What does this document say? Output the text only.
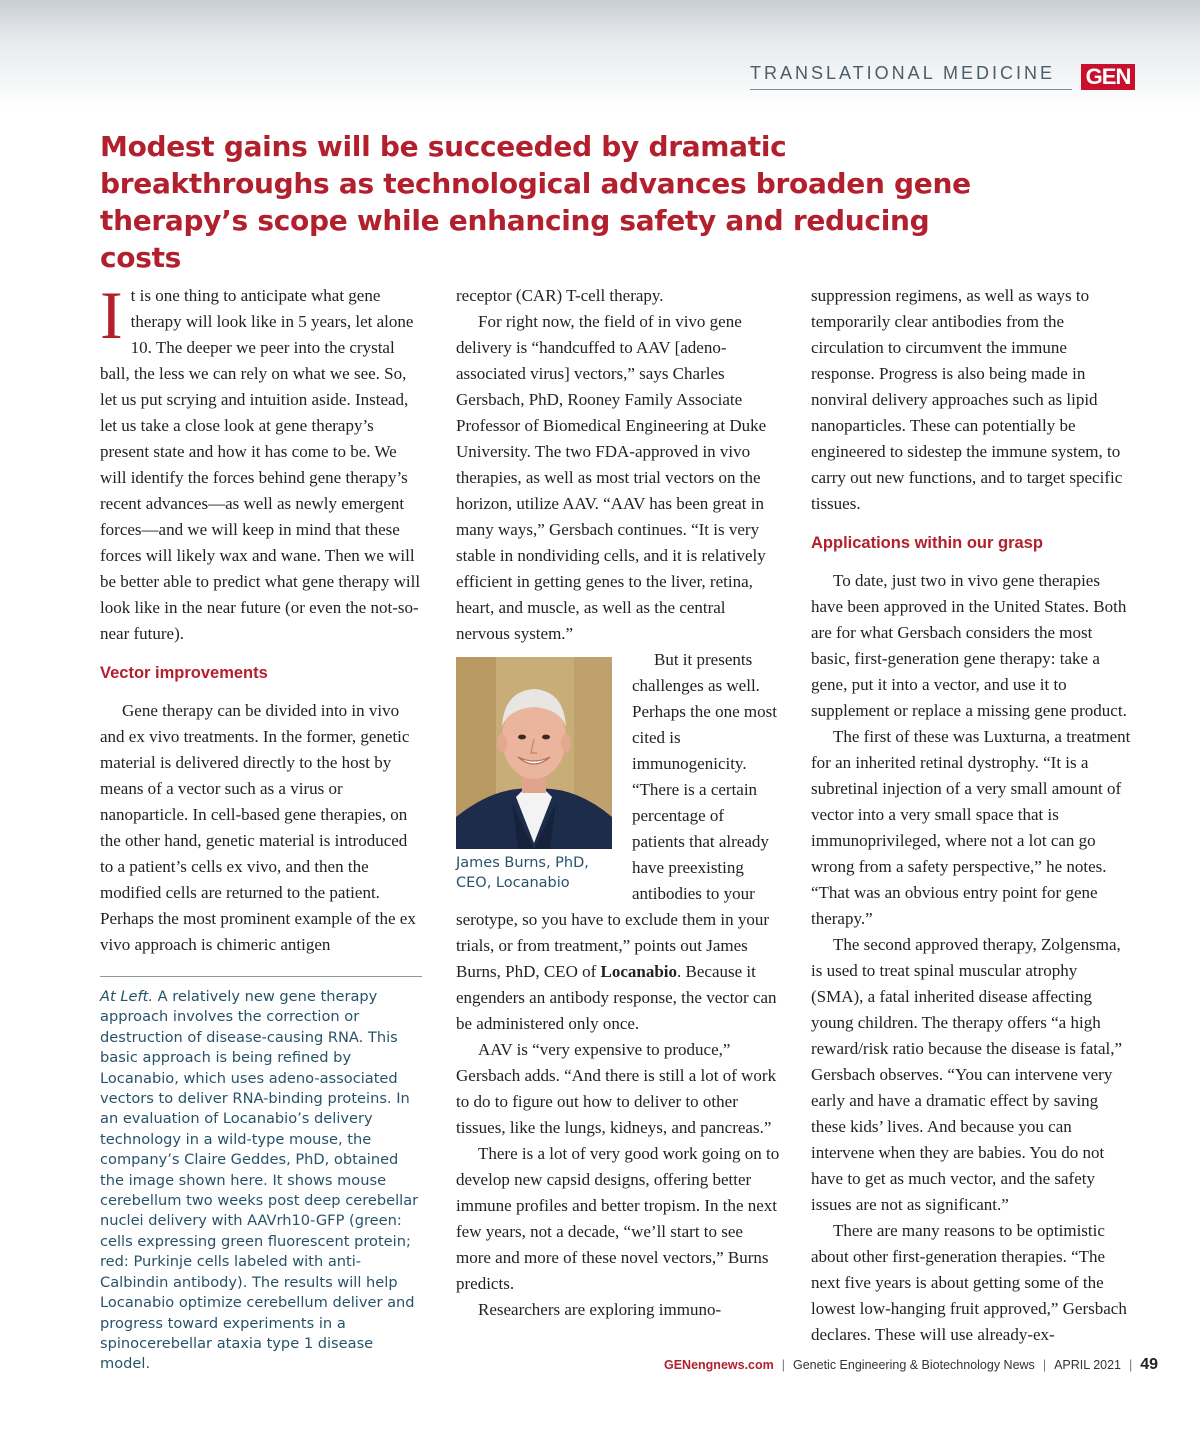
TRANSLATIONAL MEDICINE	GEN
Modest gains will be succeeded by dramatic breakthroughs as technological advances broaden gene therapy’s scope while enhancing safety and reducing costs

It is one thing to anticipate what gene therapy will look like in 5 years, let alone 10. The deeper we peer into the crystal ball, the less we can rely on what we see. So, let us put scrying and intuition aside. Instead, let us take a close look at gene therapy’s present state and how it has come to be. We will identify the forces behind gene therapy’s recent advances—as well as newly emergent forces—and we will keep in mind that these forces will likely wax and wane. Then we will be better able to predict what gene therapy will look like in the near future (or even the not-so-near future).

Vector improvements

Gene therapy can be divided into in vivo and ex vivo treatments. In the former, genetic material is delivered directly to the host by means of a vector such as a virus or nanoparticle. In cell-based gene therapies, on the other hand, genetic material is introduced to a patient’s cells ex vivo, and then the modified cells are returned to the patient. Perhaps the most prominent example of the ex vivo approach is chimeric antigen

At Left. A relatively new gene therapy approach involves the correction or destruction of disease-causing RNA. This basic approach is being refined by Locanabio, which uses adeno-associated vectors to deliver RNA-binding proteins. In an evaluation of Locanabio’s delivery technology in a wild-type mouse, the company’s Claire Geddes, PhD, obtained the image shown here. It shows mouse cerebellum two weeks post deep cerebellar nuclei delivery with AAVrh10-GFP (green: cells expressing green fluorescent protein; red: Purkinje cells labeled with anti-Calbindin antibody). The results will help Locanabio optimize cerebellum deliver and progress toward experiments in a spinocerebellar ataxia type 1 disease model.

receptor (CAR) T-cell therapy.

For right now, the field of in vivo gene delivery is “handcuffed to AAV [adeno-associated virus] vectors,” says Charles Gersbach, PhD, Rooney Family Associate Professor of Biomedical Engineering at Duke University. The two FDA-approved in vivo therapies, as well as most trial vectors on the horizon, utilize AAV. “AAV has been great in many ways,” Gersbach continues. “It is very stable in nondividing cells, and it is relatively efficient in getting genes to the liver, retina, heart, and muscle, as well as the central nervous system.”

James Burns, PhD,
CEO, Locanabio

But it presents challenges as well. Perhaps the one most cited is immunogenicity. “There is a certain percentage of patients that already have preexisting antibodies to your serotype, so you have to exclude them in your trials, or from treatment,” points out James Burns, PhD, CEO of Locanabio. Because it engenders an antibody response, the vector can be administered only once.

AAV is “very expensive to produce,” Gersbach adds. “And there is still a lot of work to do to figure out how to deliver to other tissues, like the lungs, kidneys, and pancreas.”

There is a lot of very good work going on to develop new capsid designs, offering better immune profiles and better tropism. In the next few years, not a decade, “we’ll start to see more and more of these novel vectors,” Burns predicts.

Researchers are exploring immuno-

suppression regimens, as well as ways to temporarily clear antibodies from the circulation to circumvent the immune response. Progress is also being made in nonviral delivery approaches such as lipid nanoparticles. These can potentially be engineered to sidestep the immune system, to carry out new functions, and to target specific tissues.

Applications within our grasp

To date, just two in vivo gene therapies have been approved in the United States. Both are for what Gersbach considers the most basic, first-generation gene therapy: take a gene, put it into a vector, and use it to supplement or replace a missing gene product.

The first of these was Luxturna, a treatment for an inherited retinal dystrophy. “It is a subretinal injection of a very small amount of vector into a very small space that is immunoprivileged, where not a lot can go wrong from a safety perspective,” he notes. “That was an obvious entry point for gene therapy.”

The second approved therapy, Zolgensma, is used to treat spinal muscular atrophy (SMA), a fatal inherited disease affecting young children. The therapy offers “a high reward/risk ratio because the disease is fatal,” Gersbach observes. “You can intervene very early and have a dramatic effect by saving these kids’ lives. And because you can intervene when they are babies. You do not have to get as much vector, and the safety issues are not as significant.”

There are many reasons to be optimistic about other first-generation therapies. “The next five years is about getting some of the lowest low-hanging fruit approved,” Gersbach declares. These will use already-ex-

GENengnews.com | Genetic Engineering & Biotechnology News | APRIL 2021 | 49
